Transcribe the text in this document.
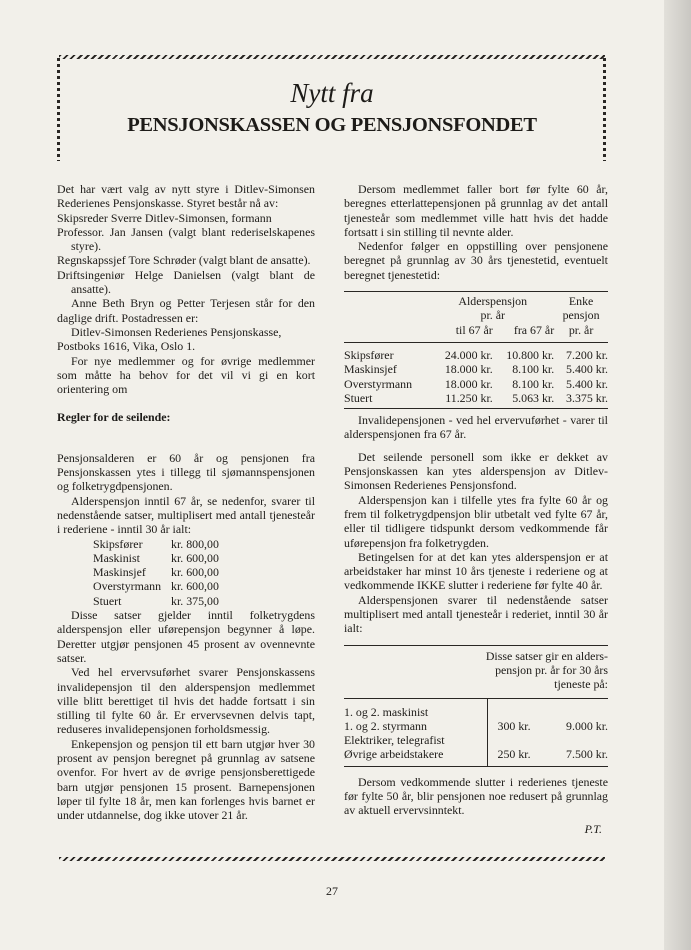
Nytt fra
PENSJONSKASSEN OG PENSJONSFONDET

Det har vært valg av nytt styre i Ditlev-Simonsen Rederienes Pensjonskasse. Styret består nå av:

Skipsreder Sverre Ditlev-Simonsen, formann

Professor. Jan Jansen (valgt blant rederiselskapenes styre).

Regnskapssjef Tore Schrøder (valgt blant de ansatte).

Driftsingeniør Helge Danielsen (valgt blant de ansatte).

Anne Beth Bryn og Petter Terjesen står for den daglige drift. Postadressen er:

Ditlev-Simonsen Rederienes Pensjonskasse,

Postboks 1616, Vika, Oslo 1.

For nye medlemmer og for øvrige medlemmer som måtte ha behov for det vil vi gi en kort orientering om

Regler for de seilende:

Pensjonsalderen er 60 år og pensjonen fra Pensjonskassen ytes i tillegg til sjømannspensjonen og folketrygdpensjonen.

Alderspensjon inntil 67 år, se nedenfor, svarer til nedenstående satser, multiplisert med antall tjenesteår i rederiene - inntil 30 år ialt:

Skipsfører	kr. 800,00
Maskinist	kr. 600,00
Maskinsjef	kr. 600,00
Overstyrmann	kr. 600,00
Stuert	kr. 375,00

Disse satser gjelder inntil folketrygdens alderspensjon eller uførepensjon begynner å løpe. Deretter utgjør pensjonen 45 prosent av ovennevnte satser.

Ved hel ervervsuførhet svarer Pensjonskassens invalidepensjon til den alderspensjon medlemmet ville blitt berettiget til hvis det hadde fortsatt i sin stilling til fylte 60 år. Er ervervsevnen delvis tapt, reduseres invalidepensjonen forholdsmessig.

Enkepensjon og pensjon til ett barn utgjør hver 30 prosent av pensjon beregnet på grunnlag av satsene ovenfor. For hvert av de øvrige pensjonsberettigede barn utgjør pensjonen 15 prosent. Barnepensjonen løper til fylte 18 år, men kan forlenges hvis barnet er under utdannelse, dog ikke utover 21 år.

Dersom medlemmet faller bort før fylte 60 år, beregnes etterlattepensjonen på grunnlag av det antall tjenesteår som medlemmet ville hatt hvis det hadde fortsatt i sin stilling til nevnte alder.

Nedenfor følger en oppstilling over pensjonene beregnet på grunnlag av 30 års tjenestetid, eventuelt beregnet tjenestetid:

	Alderspensjon		Enke
	pr. år		pensjon
	til 67 år	fra 67 år	pr. år
Skipsfører	24.000 kr.	10.800 kr.	7.200 kr.
Maskinsjef	18.000 kr.	8.100 kr.	5.400 kr.
Overstyrmann	18.000 kr.	8.100 kr.	5.400 kr.
Stuert	11.250 kr.	5.063 kr.	3.375 kr.

Invalidepensjonen - ved hel ervervuførhet - varer til alderspensjonen fra 67 år.

Det seilende personell som ikke er dekket av Pensjonskassen kan ytes alderspensjon av Ditlev-Simonsen Rederienes Pensjonsfond.

Alderspensjon kan i tilfelle ytes fra fylte 60 år og frem til folketrygdpensjon blir utbetalt ved fylte 67 år, eller til tidligere tidspunkt dersom vedkommende får uførepensjon fra folketrygden.

Betingelsen for at det kan ytes alderspensjon er at arbeidstaker har minst 10 års tjeneste i rederiene og at vedkommende IKKE slutter i rederiene før fylte 40 år.

Alderspensjonen svarer til nedenstående satser multiplisert med antall tjenesteår i rederiet, inntil 30 år ialt:

Disse satser gir en alders-		
pensjon pr. år for 30 års		
tjeneste på:		
1. og 2. maskinist		
1. og 2. styrmann	300 kr.	9.000 kr.
Elektriker, telegrafist		
Øvrige arbeidstakere	250 kr.	7.500 kr.

Dersom vedkommende slutter i rederienes tjeneste før fylte 50 år, blir pensjonen noe redusert på grunnlag av aktuell ervervsinntekt.

P.T.

27
